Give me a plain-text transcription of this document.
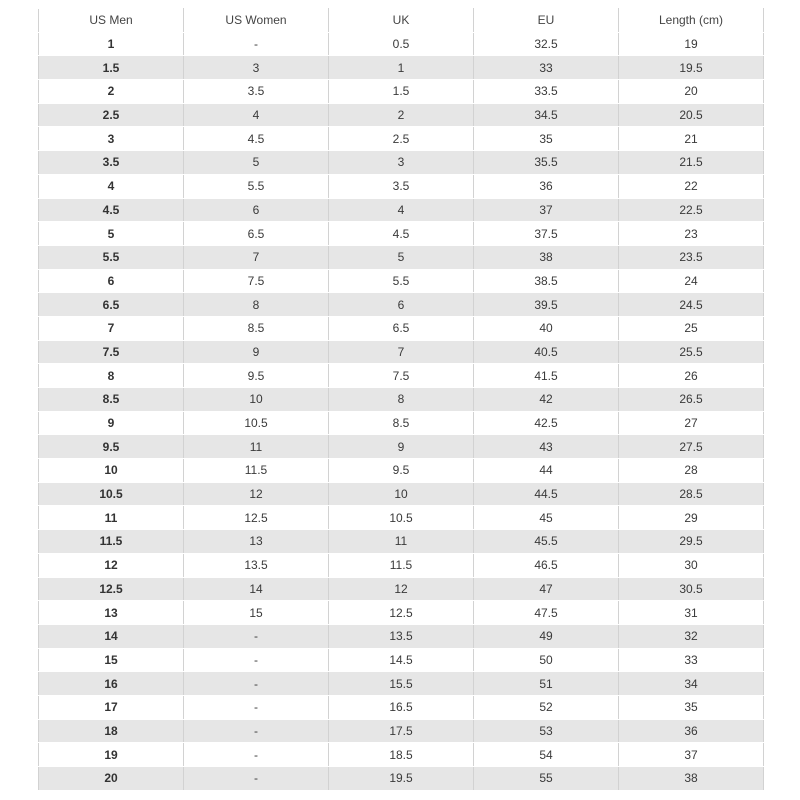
US Men	US Women	UK	EU	Length (cm)
1	-	0.5	32.5	19
1.5	3	1	33	19.5
2	3.5	1.5	33.5	20
2.5	4	2	34.5	20.5
3	4.5	2.5	35	21
3.5	5	3	35.5	21.5
4	5.5	3.5	36	22
4.5	6	4	37	22.5
5	6.5	4.5	37.5	23
5.5	7	5	38	23.5
6	7.5	5.5	38.5	24
6.5	8	6	39.5	24.5
7	8.5	6.5	40	25
7.5	9	7	40.5	25.5
8	9.5	7.5	41.5	26
8.5	10	8	42	26.5
9	10.5	8.5	42.5	27
9.5	11	9	43	27.5
10	11.5	9.5	44	28
10.5	12	10	44.5	28.5
11	12.5	10.5	45	29
11.5	13	11	45.5	29.5
12	13.5	11.5	46.5	30
12.5	14	12	47	30.5
13	15	12.5	47.5	31
14	-	13.5	49	32
15	-	14.5	50	33
16	-	15.5	51	34
17	-	16.5	52	35
18	-	17.5	53	36
19	-	18.5	54	37
20	-	19.5	55	38
